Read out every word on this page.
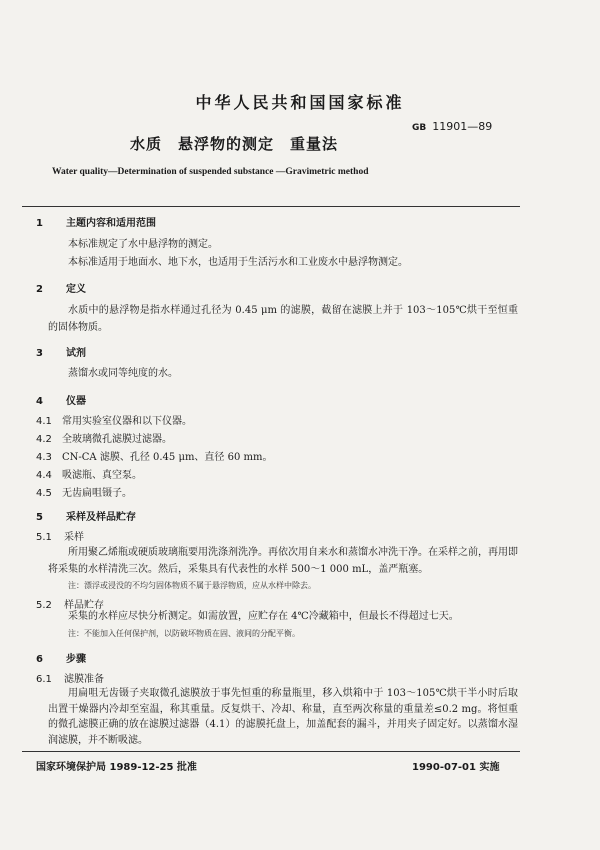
中华人民共和国国家标准
GB 11901—89
水质　悬浮物的测定　重量法
Water quality—Determination of suspended substance —Gravimetric method
1 主题内容和适用范围
本标准规定了水中悬浮物的测定。
本标准适用于地面水、地下水，也适用于生活污水和工业废水中悬浮物测定。
2 定义
水质中的悬浮物是指水样通过孔径为 0.45 μm 的滤膜，截留在滤膜上并于 103～105℃烘干至恒重的固体物质。
3 试剂
蒸馏水或同等纯度的水。
4 仪器
4.1 常用实验室仪器和以下仪器。
4.2 全玻璃微孔滤膜过滤器。
4.3 CN-CA 滤膜、孔径 0.45 μm、直径 60 mm。
4.4 吸滤瓶、真空泵。
4.5 无齿扁咀镊子。
5 采样及样品贮存
5.1 采样
所用聚乙烯瓶或硬质玻璃瓶要用洗涤剂洗净。再依次用自来水和蒸馏水冲洗干净。在采样之前，再用即将采集的水样清洗三次。然后，采集具有代表性的水样 500～1 000 mL，盖严瓶塞。
注：漂浮或浸没的不均匀固体物质不属于悬浮物质，应从水样中除去。
5.2 样品贮存
采集的水样应尽快分析测定。如需放置，应贮存在 4℃冷藏箱中，但最长不得超过七天。
注：不能加入任何保护剂，以防破坏物质在固、液间的分配平衡。
6 步骤
6.1 滤膜准备
用扁咀无齿镊子夹取微孔滤膜放于事先恒重的称量瓶里，移入烘箱中于 103～105℃烘干半小时后取出置干燥器内冷却至室温，称其重量。反复烘干、冷却、称量，直至两次称量的重量差≤0.2 mg。将恒重的微孔滤膜正确的放在滤膜过滤器（4.1）的滤膜托盘上，加盖配套的漏斗，并用夹子固定好。以蒸馏水湿润滤膜，并不断吸滤。
国家环境保护局 1989-12-25 批准	1990-07-01 实施
